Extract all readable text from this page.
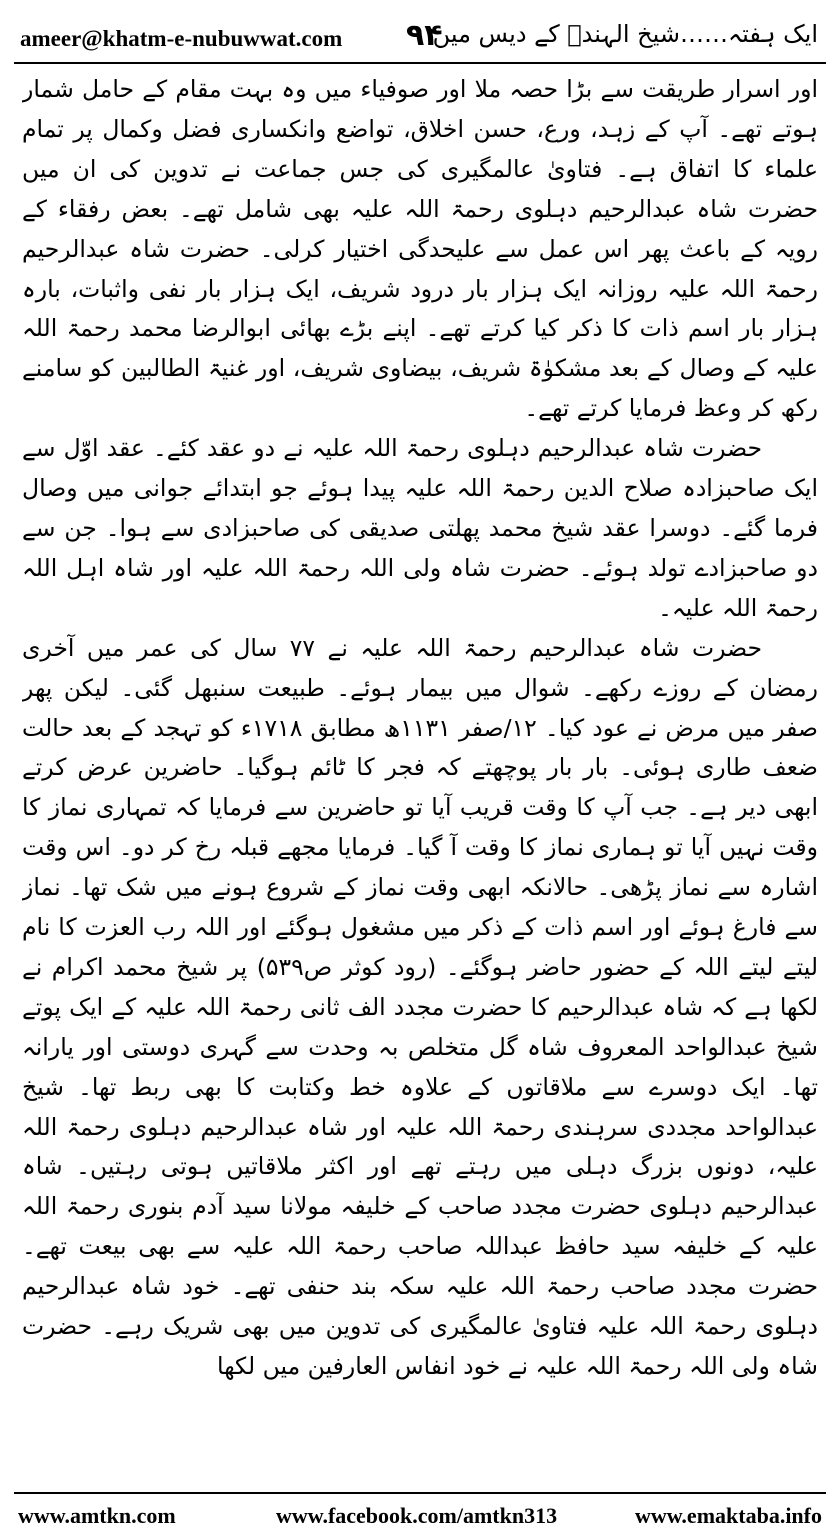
ameer@khatm-e-nubuwwat.com ۹۴
ایک ہفتہ……شیخ الہندؒ کے دیس میں

اور اسرار طریقت سے بڑا حصہ ملا اور صوفیاء میں وہ بہت مقام کے حامل شمار ہوتے تھے۔ آپ کے زہد، ورع، حسن اخلاق، تواضع وانکساری فضل وکمال پر تمام علماء کا اتفاق ہے۔ فتاویٰ عالمگیری کی جس جماعت نے تدوین کی ان میں حضرت شاہ عبدالرحیم دہلوی رحمۃ اللہ علیہ بھی شامل تھے۔ بعض رفقاء کے رویہ کے باعث پھر اس عمل سے علیحدگی اختیار کرلی۔ حضرت شاہ عبدالرحیم رحمۃ اللہ علیہ روزانہ ایک ہزار بار درود شریف، ایک ہزار بار نفی واثبات، بارہ ہزار بار اسم ذات کا ذکر کیا کرتے تھے۔ اپنے بڑے بھائی ابوالرضا محمد رحمۃ اللہ علیہ کے وصال کے بعد مشکوٰۃ شریف، بیضاوی شریف، اور غنیۃ الطالبین کو سامنے رکھ کر وعظ فرمایا کرتے تھے۔

حضرت شاہ عبدالرحیم دہلوی رحمۃ اللہ علیہ نے دو عقد کئے۔ عقد اوّل سے ایک صاحبزادہ صلاح الدین رحمۃ اللہ علیہ پیدا ہوئے جو ابتدائے جوانی میں وصال فرما گئے۔ دوسرا عقد شیخ محمد پھلتی صدیقی کی صاحبزادی سے ہوا۔ جن سے دو صاحبزادے تولد ہوئے۔ حضرت شاہ ولی اللہ رحمۃ اللہ علیہ اور شاہ اہل اللہ رحمۃ اللہ علیہ۔

حضرت شاہ عبدالرحیم رحمۃ اللہ علیہ نے ۷۷ سال کی عمر میں آخری رمضان کے روزے رکھے۔ شوال میں بیمار ہوئے۔ طبیعت سنبھل گئی۔ لیکن پھر صفر میں مرض نے عود کیا۔ ۱۲/صفر ۱۱۳۱ھ مطابق ۱۷۱۸ء کو تہجد کے بعد حالت ضعف طاری ہوئی۔ بار بار پوچھتے کہ فجر کا ٹائم ہوگیا۔ حاضرین عرض کرتے ابھی دیر ہے۔ جب آپ کا وقت قریب آیا تو حاضرین سے فرمایا کہ تمہاری نماز کا وقت نہیں آیا تو ہماری نماز کا وقت آ گیا۔ فرمایا مجھے قبلہ رخ کر دو۔ اس وقت اشارہ سے نماز پڑھی۔ حالانکہ ابھی وقت نماز کے شروع ہونے میں شک تھا۔ نماز سے فارغ ہوئے اور اسم ذات کے ذکر میں مشغول ہوگئے اور اللہ رب العزت کا نام لیتے لیتے اللہ کے حضور حاضر ہوگئے۔ (رود کوثر ص۵۳۹) پر شیخ محمد اکرام نے لکھا ہے کہ شاہ عبدالرحیم کا حضرت مجدد الف ثانی رحمۃ اللہ علیہ کے ایک پوتے شیخ عبدالواحد المعروف شاہ گل متخلص بہ وحدت سے گہری دوستی اور یارانہ تھا۔ ایک دوسرے سے ملاقاتوں کے علاوہ خط وکتابت کا بھی ربط تھا۔ شیخ عبدالواحد مجددی سرہندی رحمۃ اللہ علیہ اور شاہ عبدالرحیم دہلوی رحمۃ اللہ علیہ، دونوں بزرگ دہلی میں رہتے تھے اور اکثر ملاقاتیں ہوتی رہتیں۔ شاہ عبدالرحیم دہلوی حضرت مجدد صاحب کے خلیفہ مولانا سید آدم بنوری رحمۃ اللہ علیہ کے خلیفہ سید حافظ عبداللہ صاحب رحمۃ اللہ علیہ سے بھی بیعت تھے۔ حضرت مجدد صاحب رحمۃ اللہ علیہ سکہ بند حنفی تھے۔ خود شاہ عبدالرحیم دہلوی رحمۃ اللہ علیہ فتاویٰ عالمگیری کی تدوین میں بھی شریک رہے۔ حضرت شاہ ولی اللہ رحمۃ اللہ علیہ نے خود انفاس العارفین میں لکھا

www.amtkn.com	www.facebook.com/amtkn313	www.emaktaba.info
